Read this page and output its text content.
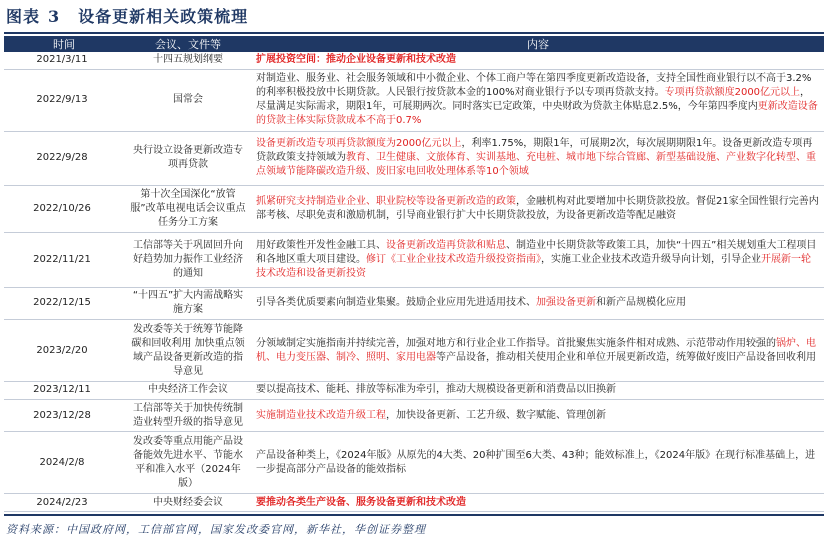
图表 3 设备更新相关政策梳理
时间	会议、文件等	内容
2021/3/11	十四五规划纲要	扩展投资空间：推动企业设备更新和技术改造
2022/9/13	国常会	对制造业、服务业、社会服务领域和中小微企业、个体工商户等在第四季度更新改造设备，支持全国性商业银行以不高于3.2%的利率积极投放中长期贷款。人民银行按贷款本金的100%对商业银行予以专项再贷款支持。专项再贷款额度2000亿元以上，尽量满足实际需求，期限1年，可展期两次。同时落实已定政策，中央财政为贷款主体贴息2.5%，今年第四季度内更新改造设备的贷款主体实际贷款成本不高于0.7%
2022/9/28	央行设立设备更新改造专项再贷款	设备更新改造专项再贷款额度为2000亿元以上，利率1.75%，期限1年，可展期2次，每次展期期限1年。设备更新改造专项再贷款政策支持领域为教育、卫生健康、文旅体育、实训基地、充电桩、城市地下综合管廊、新型基础设施、产业数字化转型、重点领域节能降碳改造升级、废旧家电回收处理体系等10个领域
2022/10/26	第十次全国深化“放管服”改革电视电话会议重点任务分工方案	抓紧研究支持制造业企业、职业院校等设备更新改造的政策，金融机构对此要增加中长期贷款投放。督促21家全国性银行完善内部考核、尽职免责和激励机制，引导商业银行扩大中长期贷款投放，为设备更新改造等配足融资
2022/11/21	工信部等关于巩固回升向好趋势加力振作工业经济的通知	用好政策性开发性金融工具、设备更新改造再贷款和贴息、制造业中长期贷款等政策工具，加快“十四五”相关规划重大工程项目和各地区重大项目建设。修订《工业企业技术改造升级投资指南》，实施工业企业技术改造升级导向计划，引导企业开展新一轮技术改造和设备更新投资
2022/12/15	“十四五”扩大内需战略实施方案	引导各类优质要素向制造业集聚。鼓励企业应用先进适用技术、加强设备更新和新产品规模化应用
2023/2/20	发改委等关于统筹节能降碳和回收利用 加快重点领域产品设备更新改造的指导意见	分领域制定实施指南并持续完善，加强对地方和行业企业工作指导。首批聚焦实施条件相对成熟、示范带动作用较强的锅炉、电机、电力变压器、制冷、照明、家用电器等产品设备，推动相关使用企业和单位开展更新改造，统筹做好废旧产品设备回收利用
2023/12/11	中央经济工作会议	要以提高技术、能耗、排放等标准为牵引，推动大规模设备更新和消费品以旧换新
2023/12/28	工信部等关于加快传统制造业转型升级的指导意见	实施制造业技术改造升级工程，加快设备更新、工艺升级、数字赋能、管理创新
2024/2/8	发改委等重点用能产品设备能效先进水平、节能水平和准入水平（2024年版）	产品设备种类上，《2024年版》从原先的4大类、20种扩围至6大类、43种；能效标准上，《2024年版》在现行标准基础上，进一步提高部分产品设备的能效指标
2024/2/23	中央财经委会议	要推动各类生产设备、服务设备更新和技术改造
资料来源：中国政府网，工信部官网，国家发改委官网，新华社，华创证券整理
